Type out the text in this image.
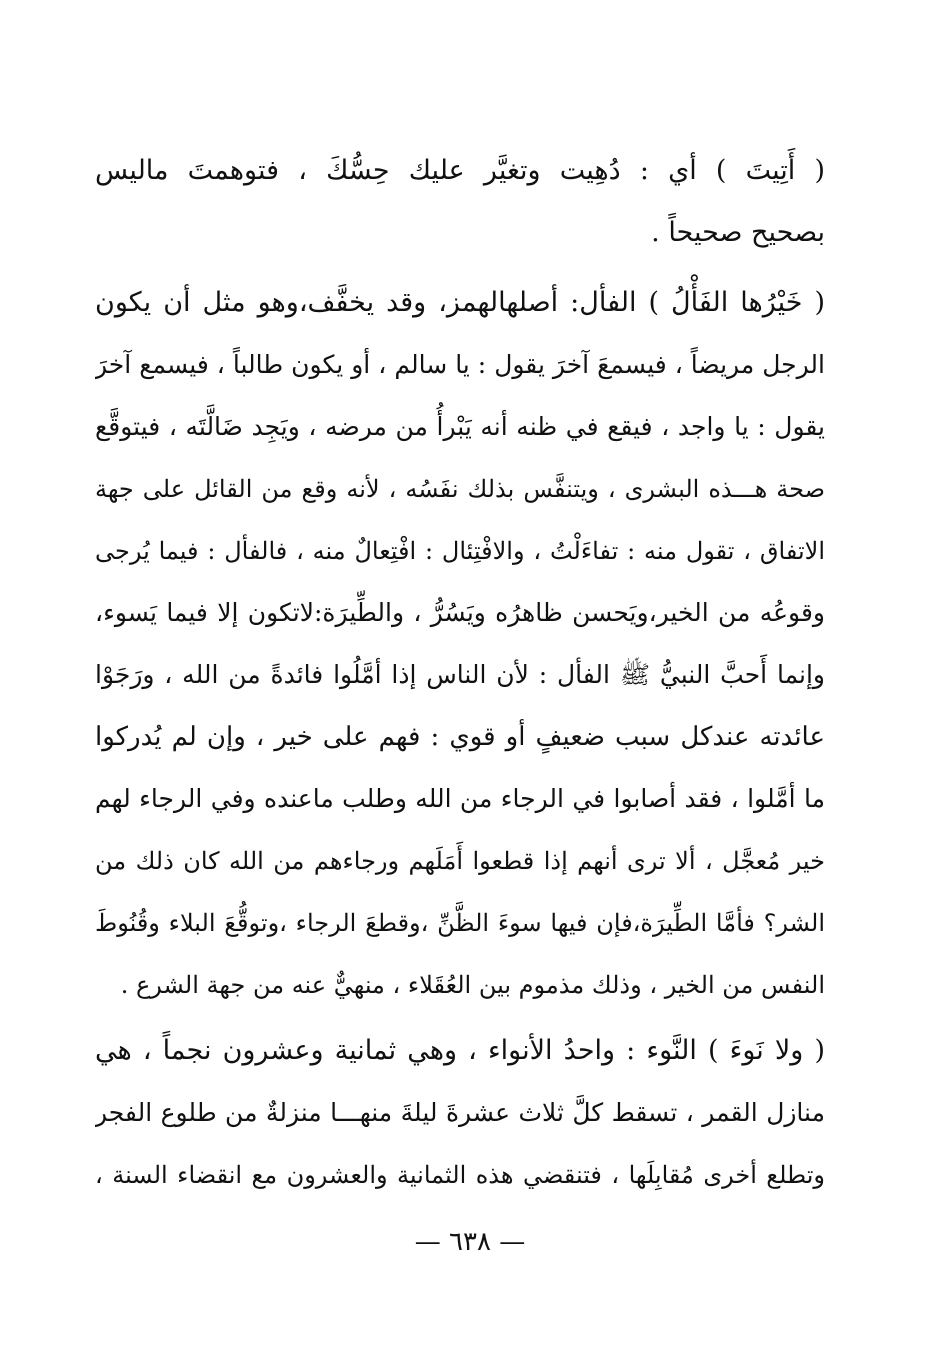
( أَتِيتَ ) أي : دُهِيت وتغيَّر عليك حِسُّكَ ، فتوهمتَ ماليس
بصحيح صحيحاً .
( خَيْرُها الفَأْلُ ) الفأل: أصلهالهمز، وقد يخفَّف،وهو مثل أن يكون
الرجل مريضاً ، فيسمعَ آخرَ يقول : يا سالم ، أو يكون طالباً ، فيسمع آخرَ
يقول : يا واجد ، فيقع في ظنه أنه يَبْرأُ من مرضه ، ويَجِد ضَالَّتَه ، فيتوقَّع
صحة هـــذه البشرى ، ويتنفَّس بذلك نفَسُه ، لأنه وقع من القائل على جهة
الاتفاق ، تقول منه : تفاءَلْتُ ، والافْتِئال : افْتِعالٌ منه ، فالفأل : فيما يُرجى
وقوعُه من الخير،ويَحسن ظاهرُه ويَسُرُّ ، والطِّيرَة:لاتكون إلا فيما يَسوء،
وإنما أَحبَّ النبيُّ ﷺ الفأل : لأن الناس إذا أمَّلُوا فائدةً من الله ، ورَجَوْا
عائدته عندكل سبب ضعيفٍ أو قوي : فهم على خير ، وإن لم يُدركوا
ما أمَّلوا ، فقد أصابوا في الرجاء من الله وطلب ماعنده وفي الرجاء لهم
خير مُعجَّل ، ألا ترى أنهم إذا قطعوا أَمَلَهم ورجاءهم من الله كان ذلك من
الشر؟ فأمَّا الطِّيرَة،فإن فيها سوءَ الظَّنِّ ،وقطعَ الرجاء ،وتوقُّعَ البلاء وقُنُوطَ
النفس من الخير ، وذلك مذموم بين العُقَلاء ، منهيٌّ عنه من جهة الشرع .
( ولا نَوءَ ) النَّوء : واحدُ الأنواء ، وهي ثمانية وعشرون نجماً ، هي
منازل القمر ، تسقط كلَّ ثلاث عشرةَ ليلةَ منهـــا منزلةٌ من طلوع الفجر
وتطلع أخرى مُقابِلَها ، فتنقضي هذه الثمانية والعشرون مع انقضاء السنة ،
— ٦٣٨ —
